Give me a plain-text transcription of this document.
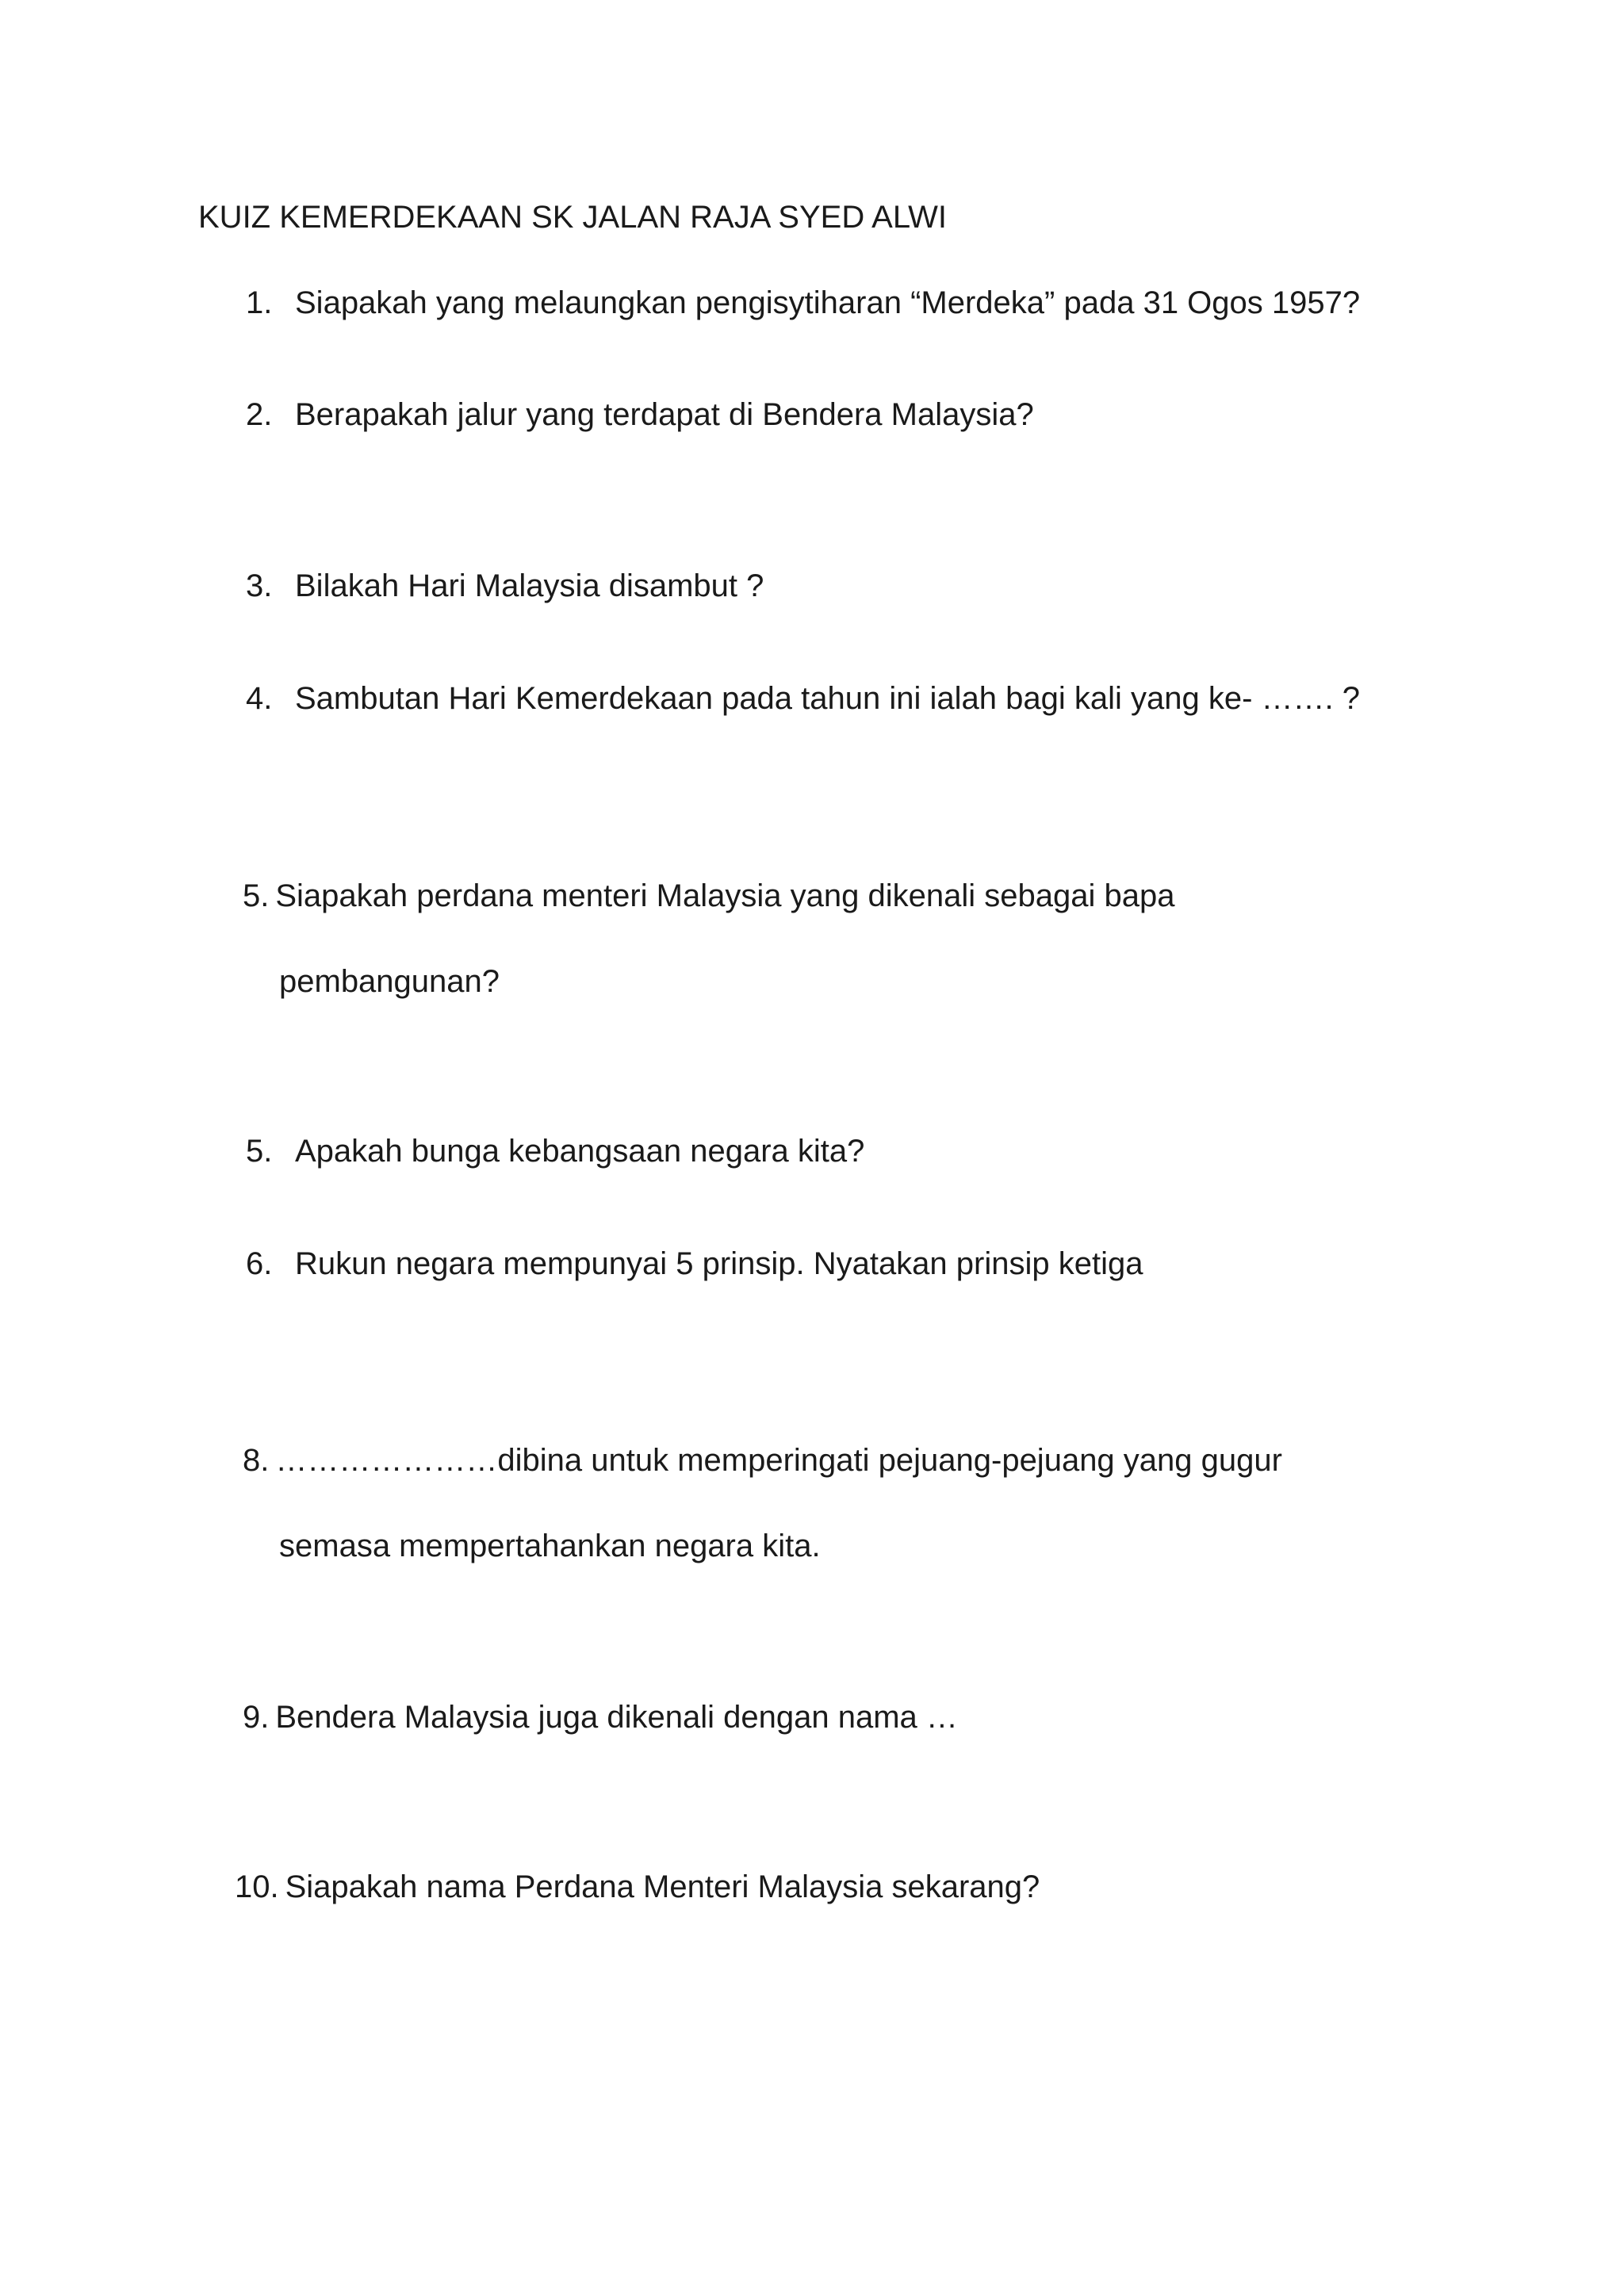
KUIZ KEMERDEKAAN SK JALAN RAJA SYED ALWI
1. Siapakah yang melaungkan pengisytiharan “Merdeka” pada 31 Ogos 1957?
2. Berapakah jalur yang terdapat di Bendera Malaysia?
3. Bilakah Hari Malaysia disambut ?
4. Sambutan Hari Kemerdekaan pada tahun ini ialah bagi kali yang ke- ……. ?
5. Siapakah perdana menteri Malaysia yang dikenali sebagai bapa
pembangunan?
5. Apakah bunga kebangsaan negara kita?
6. Rukun negara mempunyai 5 prinsip. Nyatakan prinsip ketiga
8. …………………dibina untuk memperingati pejuang-pejuang yang gugur
semasa mempertahankan negara kita.
9. Bendera Malaysia juga dikenali dengan nama …
10. Siapakah nama Perdana Menteri Malaysia sekarang?
